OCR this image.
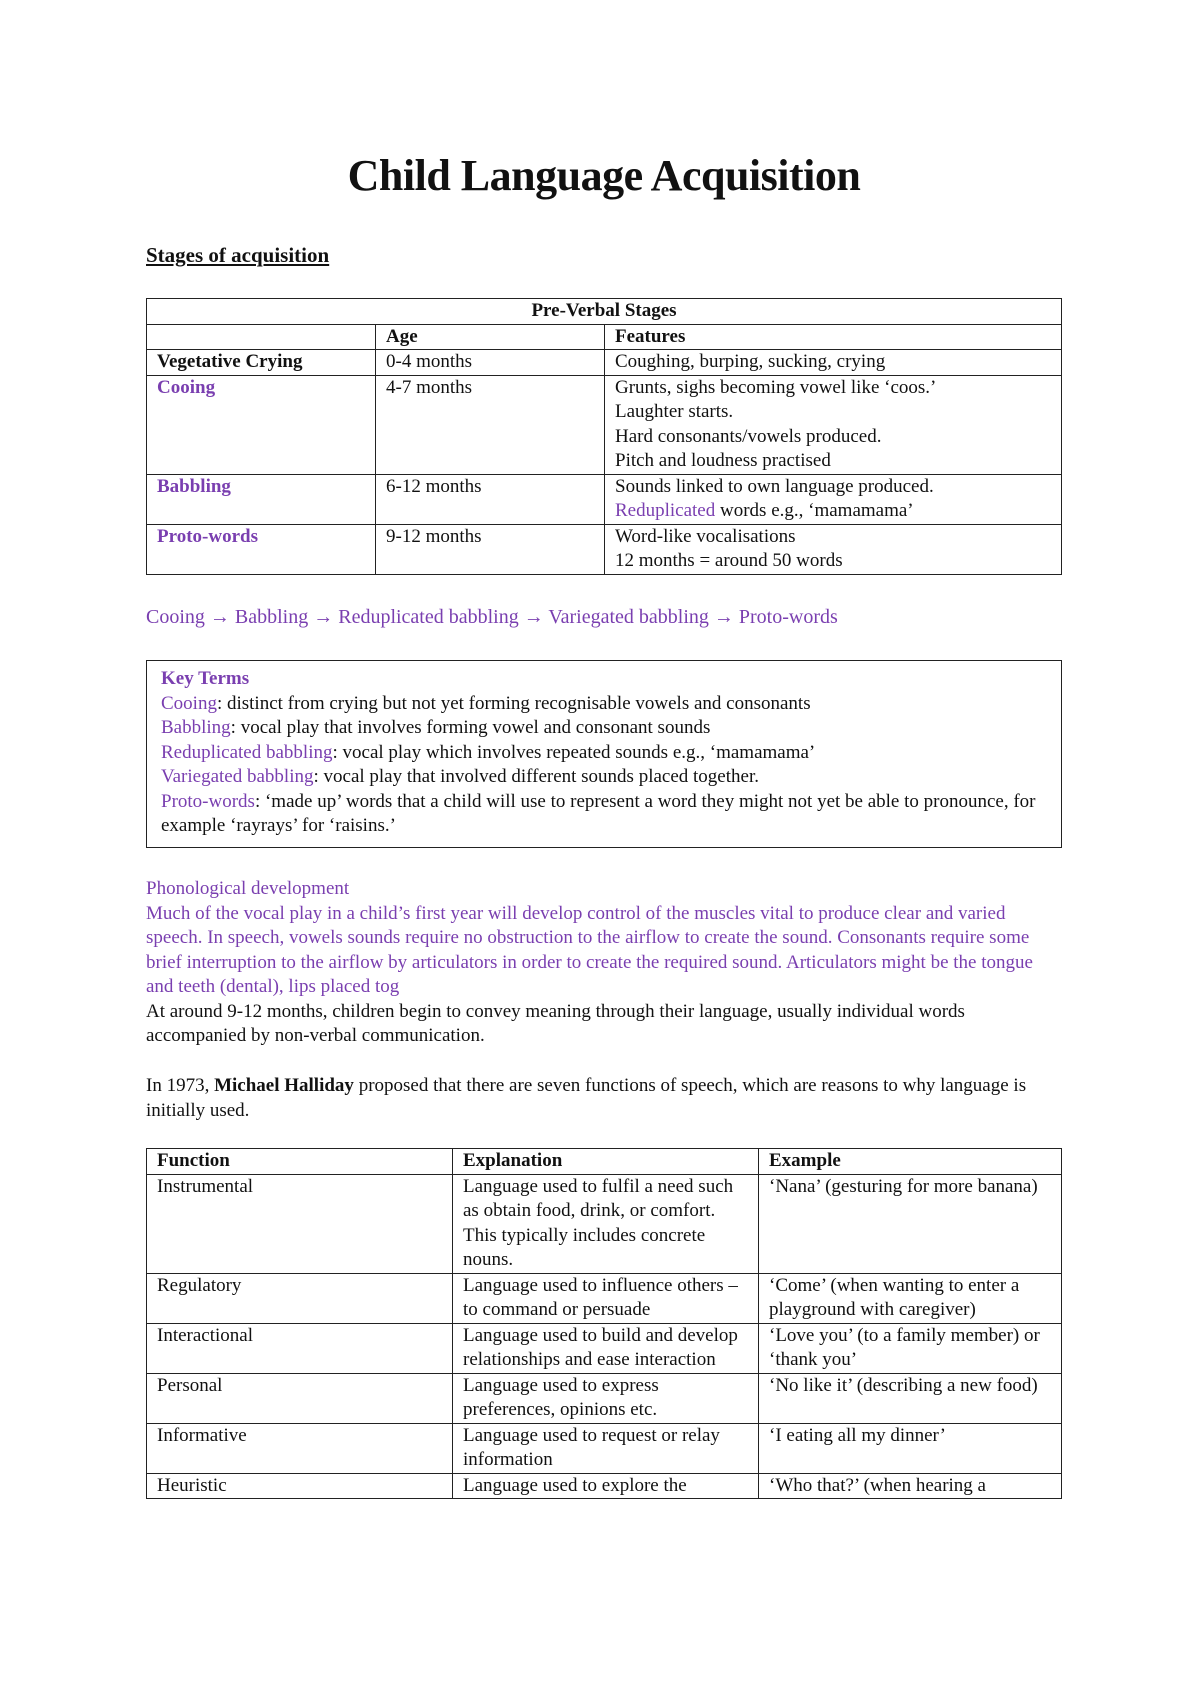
Child Language Acquisition
Stages of acquisition
Pre-Verbal Stages		
	Age	Features
Vegetative Crying	0-4 months	Coughing, burping, sucking, crying
Cooing	4-7 months	Grunts, sighs becoming vowel like ‘coos.’
Laughter starts.
Hard consonants/vowels produced.
Pitch and loudness practised

Babbling	6-12 months	Sounds linked to own language produced.
Reduplicated words e.g., ‘mamamama’

Proto-words	9-12 months	Word-like vocalisations
12 months = around 50 words
Cooing → Babbling → Reduplicated babbling → Variegated babbling → Proto-words

Key Terms

Cooing: distinct from crying but not yet forming recognisable vowels and consonants

Babbling: vocal play that involves forming vowel and consonant sounds

Reduplicated babbling: vocal play which involves repeated sounds e.g., ‘mamamama’

Variegated babbling: vocal play that involved different sounds placed together.

Proto-words: ‘made up’ words that a child will use to represent a word they might not yet be able to pronounce, for example ‘rayrays’ for ‘raisins.’

Phonological development

Much of the vocal play in a child’s first year will develop control of the muscles vital to produce clear and varied speech. In speech, vowels sounds require no obstruction to the airflow to create the sound. Consonants require some brief interruption to the airflow by articulators in order to create the required sound. Articulators might be the tongue and teeth (dental), lips placed tog

At around 9-12 months, children begin to convey meaning through their language, usually individual words accompanied by non-verbal communication.

In 1973, Michael Halliday proposed that there are seven functions of speech, which are reasons to why language is initially used.

Function	Explanation	Example
Instrumental	Language used to fulfil a need such as obtain food, drink, or comfort. This typically includes concrete nouns.	‘Nana’ (gesturing for more banana)
Regulatory	Language used to influence others – to command or persuade	‘Come’ (when wanting to enter a playground with caregiver)
Interactional	Language used to build and develop relationships and ease interaction	‘Love you’ (to a family member) or ‘thank you’
Personal	Language used to express preferences, opinions etc.	‘No like it’ (describing a new food)
Informative	Language used to request or relay information	‘I eating all my dinner’
Heuristic	Language used to explore the	‘Who that?’ (when hearing a
